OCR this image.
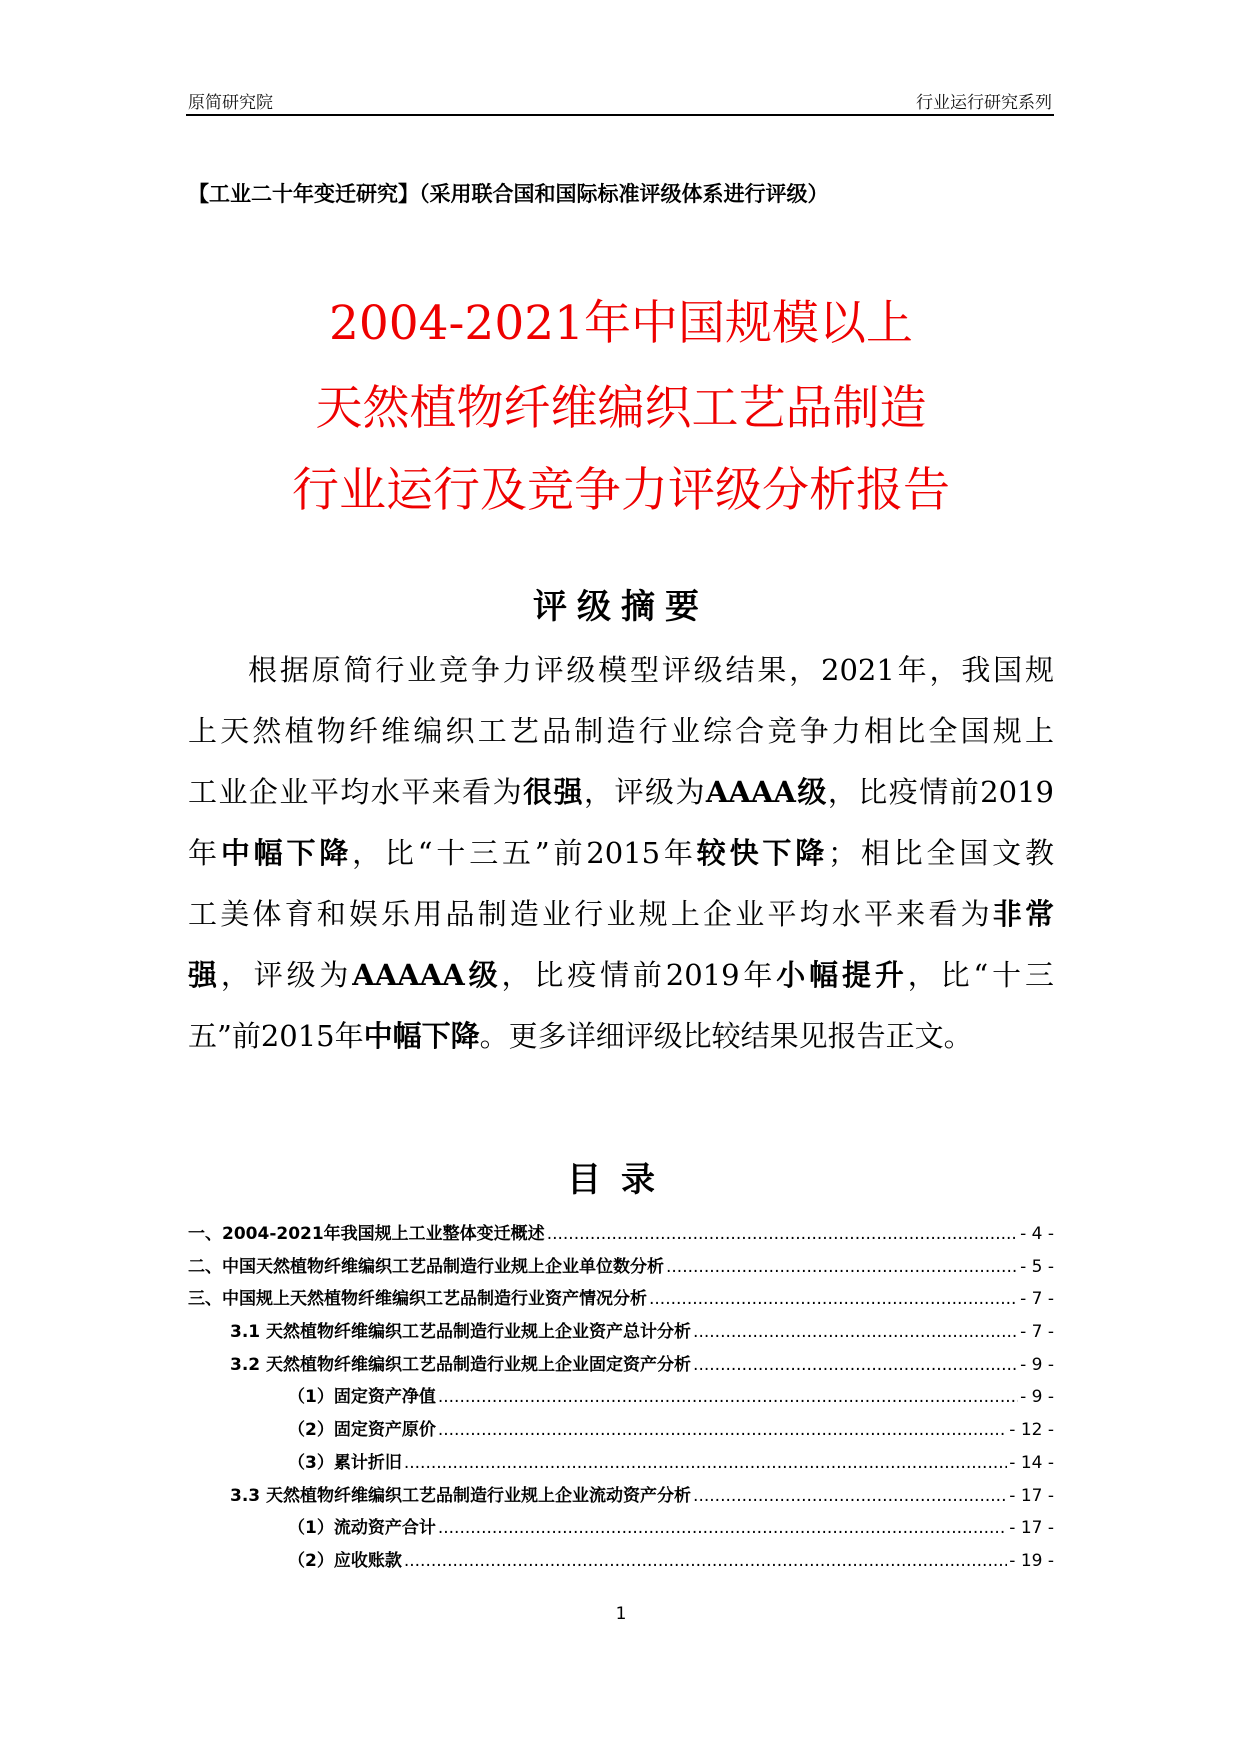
原简研究院	行业运行研究系列
【工业二十年变迁研究】（采用联合国和国际标准评级体系进行评级）
2004-2021年中国规模以上
天然植物纤维编织工艺品制造
行业运行及竞争力评级分析报告
评级摘要
根据原简行业竞争力评级模型评级结果，2021年，我国规
上天然植物纤维编织工艺品制造行业综合竞争力相比全国规上
工业企业平均水平来看为很强，评级为AAAA级，比疫情前2019
年中幅下降，比“十三五”前2015年较快下降；相比全国文教
工美体育和娱乐用品制造业行业规上企业平均水平来看为非常
强，评级为AAAAA级，比疫情前2019年小幅提升，比“十三
五”前2015年中幅下降。更多详细评级比较结果见报告正文。
目录
一、2004-2021年我国规上工业整体变迁概述 .....	- 4 -
二、中国天然植物纤维编织工艺品制造行业规上企业单位数分析 .....	- 5 -
三、中国规上天然植物纤维编织工艺品制造行业资产情况分析 .....	- 7 -
3.1 天然植物纤维编织工艺品制造行业规上企业资产总计分析 .....	- 7 -
3.2 天然植物纤维编织工艺品制造行业规上企业固定资产分析 .....	- 9 -
（1）固定资产净值 .....	- 9 -
（2）固定资产原价 .....	- 12 -
（3）累计折旧 .....	- 14 -
3.3 天然植物纤维编织工艺品制造行业规上企业流动资产分析 .....	- 17 -
（1）流动资产合计 .....	- 17 -
（2）应收账款 .....	- 19 -
1
